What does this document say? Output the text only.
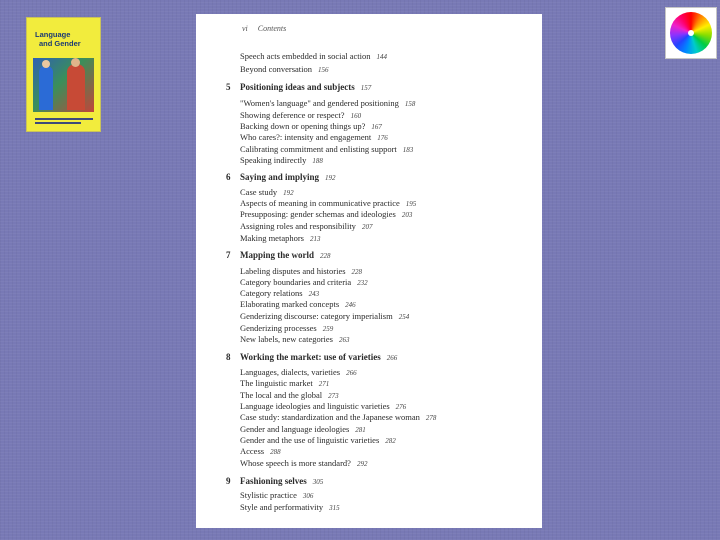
Language
and Gender
vi Contents
Speech acts embedded in social action 144
Beyond conversation 156
5 Positioning ideas and subjects 157
"Women's language" and gendered positioning 158
Showing deference or respect? 160
Backing down or opening things up? 167
Who cares?: intensity and engagement 176
Calibrating commitment and enlisting support 183
Speaking indirectly 188
6 Saying and implying 192
Case study 192
Aspects of meaning in communicative practice 195
Presupposing: gender schemas and ideologies 203
Assigning roles and responsibility 207
Making metaphors 213
7 Mapping the world 228
Labeling disputes and histories 228
Category boundaries and criteria 232
Category relations 243
Elaborating marked concepts 246
Genderizing discourse: category imperialism 254
Genderizing processes 259
New labels, new categories 263
8 Working the market: use of varieties 266
Languages, dialects, varieties 266
The linguistic market 271
The local and the global 273
Language ideologies and linguistic varieties 276
Case study: standardization and the Japanese woman 278
Gender and language ideologies 281
Gender and the use of linguistic varieties 282
Access 288
Whose speech is more standard? 292
9 Fashioning selves 305
Stylistic practice 306
Style and performativity 315
